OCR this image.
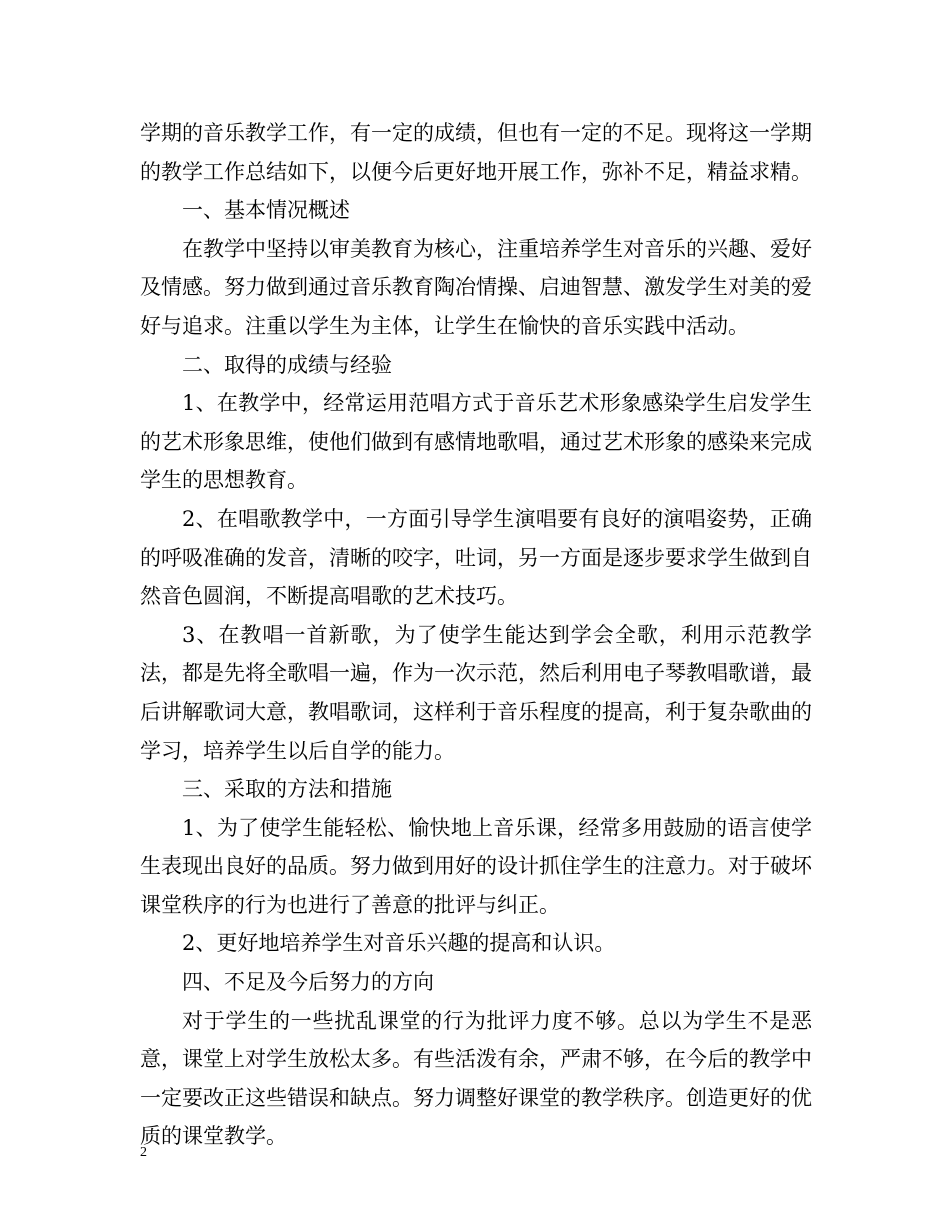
学期的音乐教学工作，有一定的成绩，但也有一定的不足。现将这一学期的教学工作总结如下，以便今后更好地开展工作，弥补不足，精益求精。

一、基本情况概述

在教学中坚持以审美教育为核心，注重培养学生对音乐的兴趣、爱好及情感。努力做到通过音乐教育陶冶情操、启迪智慧、激发学生对美的爱好与追求。注重以学生为主体，让学生在愉快的音乐实践中活动。

二、取得的成绩与经验

1、在教学中，经常运用范唱方式于音乐艺术形象感染学生启发学生的艺术形象思维，使他们做到有感情地歌唱，通过艺术形象的感染来完成学生的思想教育。

2、在唱歌教学中，一方面引导学生演唱要有良好的演唱姿势，正确的呼吸准确的发音，清晰的咬字，吐词，另一方面是逐步要求学生做到自然音色圆润，不断提高唱歌的艺术技巧。

3、在教唱一首新歌，为了使学生能达到学会全歌，利用示范教学法，都是先将全歌唱一遍，作为一次示范，然后利用电子琴教唱歌谱，最后讲解歌词大意，教唱歌词，这样利于音乐程度的提高，利于复杂歌曲的学习，培养学生以后自学的能力。

三、采取的方法和措施

1、为了使学生能轻松、愉快地上音乐课，经常多用鼓励的语言使学生表现出良好的品质。努力做到用好的设计抓住学生的注意力。对于破坏课堂秩序的行为也进行了善意的批评与纠正。

2、更好地培养学生对音乐兴趣的提高和认识。

四、不足及今后努力的方向

对于学生的一些扰乱课堂的行为批评力度不够。总以为学生不是恶意，课堂上对学生放松太多。有些活泼有余，严肃不够，在今后的教学中一定要改正这些错误和缺点。努力调整好课堂的教学秩序。创造更好的优质的课堂教学。

2
